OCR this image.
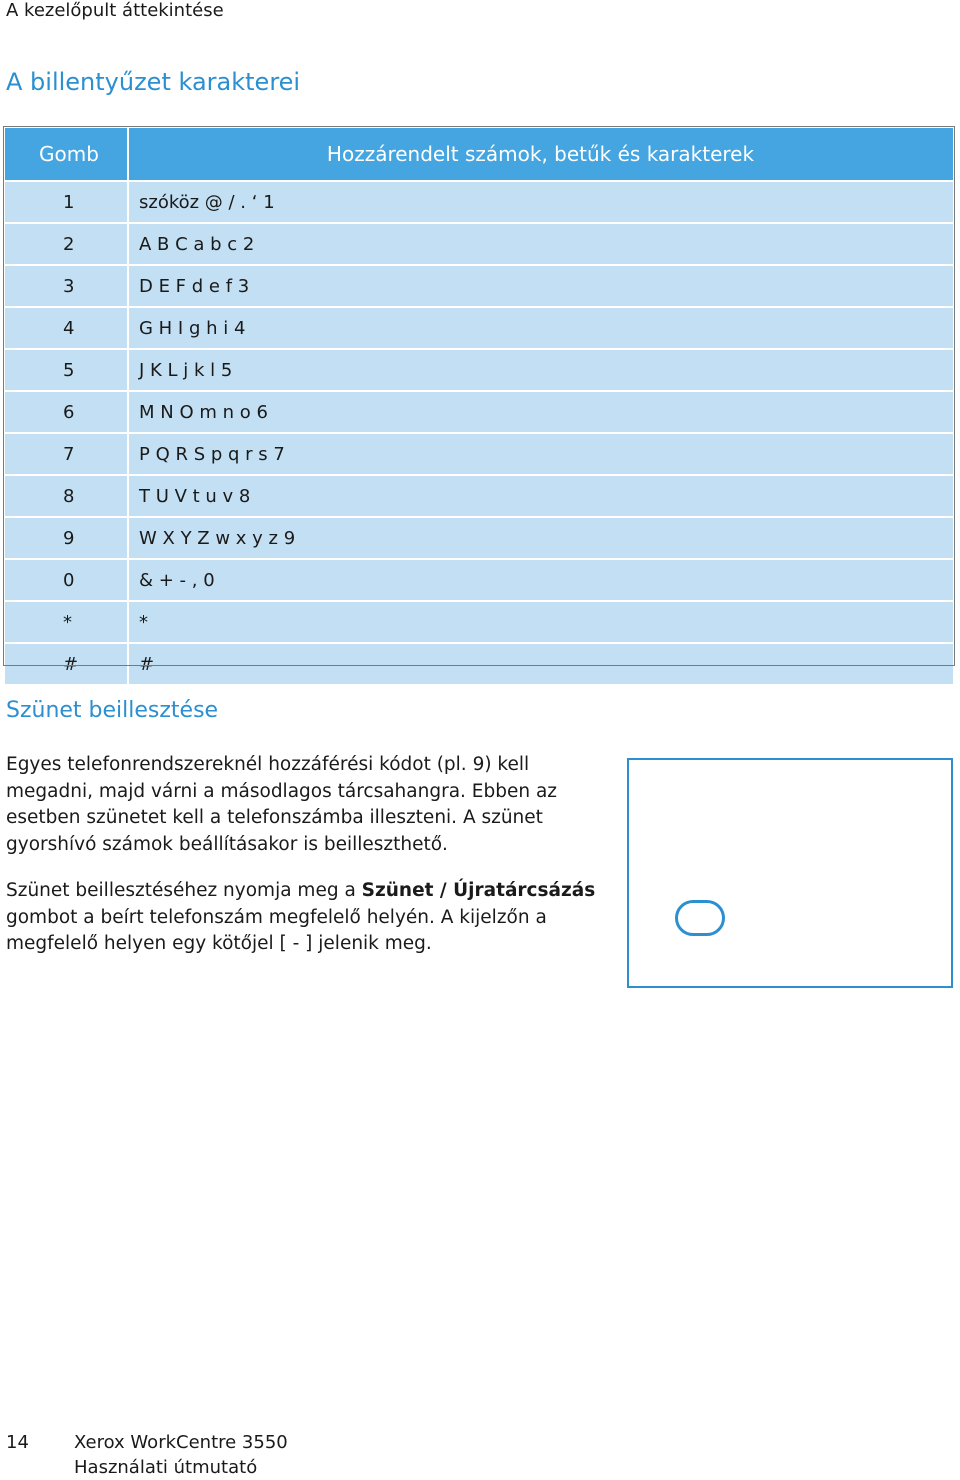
A kezelőpult áttekintése
A billentyűzet karakterei
Gomb	Hozzárendelt számok, betűk és karakterek
1	szóköz @ / . ‘ 1
2	A B C a b c 2
3	D E F d e f 3
4	G H I g h i 4
5	J K L j k l 5
6	M N O m n o 6
7	P Q R S p q r s 7
8	T U V t u v 8
9	W X Y Z w x y z 9
0	& + - , 0
*	*
#	#
Szünet beillesztése

Egyes telefonrendszereknél hozzáférési kódot (pl. 9) kell megadni, majd várni a másodlagos tárcsahangra. Ebben az esetben szünetet kell a telefonszámba illeszteni. A szünet gyorshívó számok beállításakor is beilleszthető.

Szünet beillesztéséhez nyomja meg a Szünet / Újratárcsázás gombot a beírt telefonszám megfelelő helyén. A kijelzőn a megfelelő helyen egy kötőjel [ - ] jelenik meg.

14	Xerox WorkCentre 3550
Használati útmutató
